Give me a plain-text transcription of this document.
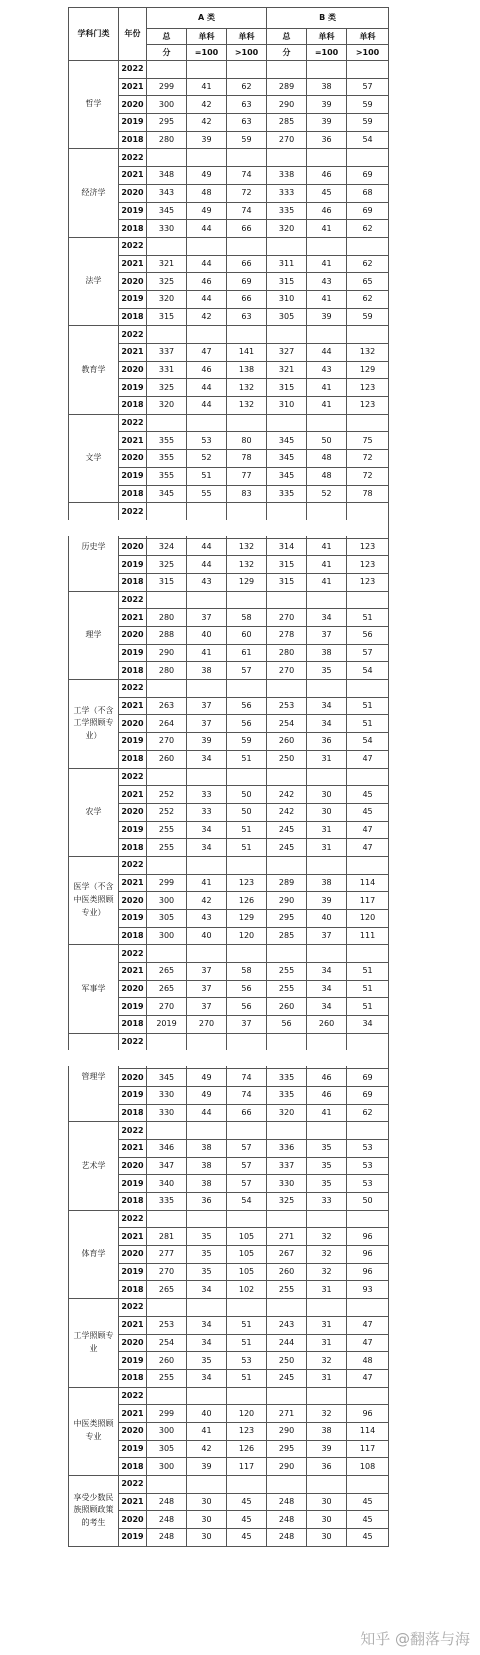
学科门类	年份	A 类			B 类		
		总	单科	单科	总	单科	单科
		分	=100	>100	分	=100	>100
哲学	2022						
	2021	299	41	62	289	38	57
	2020	300	42	63	290	39	59
	2019	295	42	63	285	39	59
	2018	280	39	59	270	36	54
经济学	2022						
	2021	348	49	74	338	46	69
	2020	343	48	72	333	45	68
	2019	345	49	74	335	46	69
	2018	330	44	66	320	41	62
法学	2022						
	2021	321	44	66	311	41	62
	2020	325	46	69	315	43	65
	2019	320	44	66	310	41	62
	2018	315	42	63	305	39	59
教育学	2022						
	2021	337	47	141	327	44	132
	2020	331	46	138	321	43	129
	2019	325	44	132	315	41	123
	2018	320	44	132	310	41	123
文学	2022						
	2021	355	53	80	345	50	75
	2020	355	52	78	345	48	72
	2019	355	51	77	345	48	72
	2018	345	55	83	335	52	78
历史学	2022						

	2020	324	44	132	314	41	123
	2019	325	44	132	315	41	123
	2018	315	43	129	315	41	123
理学	2022						
	2021	280	37	58	270	34	51
	2020	288	40	60	278	37	56
	2019	290	41	61	280	38	57
	2018	280	38	57	270	35	54
工学（不含工学照顾专业）	2022						
	2021	263	37	56	253	34	51
	2020	264	37	56	254	34	51
	2019	270	39	59	260	36	54
	2018	260	34	51	250	31	47
农学	2022						
	2021	252	33	50	242	30	45
	2020	252	33	50	242	30	45
	2019	255	34	51	245	31	47
	2018	255	34	51	245	31	47
医学（不含中医类照顾专业）	2022						
	2021	299	41	123	289	38	114
	2020	300	42	126	290	39	117
	2019	305	43	129	295	40	120
	2018	300	40	120	285	37	111
军事学	2022						
	2021	265	37	58	255	34	51
	2020	265	37	56	255	34	51
	2019	270	37	56	260	34	51
	2018	2019	270	37	56	260	34
管理学	2022						

	2020	345	49	74	335	46	69
	2019	330	49	74	335	46	69
	2018	330	44	66	320	41	62
艺术学	2022						
	2021	346	38	57	336	35	53
	2020	347	38	57	337	35	53
	2019	340	38	57	330	35	53
	2018	335	36	54	325	33	50
体育学	2022						
	2021	281	35	105	271	32	96
	2020	277	35	105	267	32	96
	2019	270	35	105	260	32	96
	2018	265	34	102	255	31	93
工学照顾专业	2022						
	2021	253	34	51	243	31	47
	2020	254	34	51	244	31	47
	2019	260	35	53	250	32	48
	2018	255	34	51	245	31	47
中医类照顾专业	2022						
	2021	299	40	120	271	32	96
	2020	300	41	123	290	38	114
	2019	305	42	126	295	39	117
	2018	300	39	117	290	36	108
享受少数民族照顾政策的考生	2022						
	2021	248	30	45	248	30	45
	2020	248	30	45	248	30	45
	2019	248	30	45	248	30	45
知乎 @翻落与海
